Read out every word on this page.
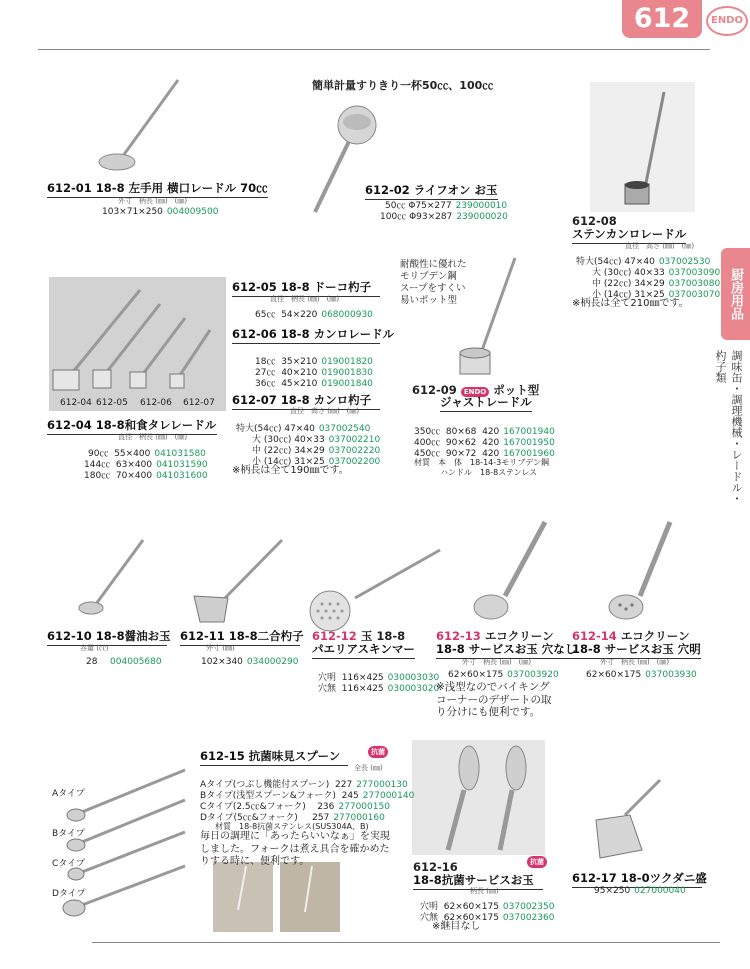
612	ENDO
厨房用品
調味缶・調理機械・レードル・杓子類
簡単計量すりきり一杯50㏄、100㏄
612-01 18-8 左手用 横口レードル 70㏄
外寸　柄長 (㎜)　(㎜)
103×71×250 004009500
612-02 ライフオン お玉
50㏄ Φ75×277 239000010
100㏄ Φ93×287 239000020	612-08
ステンカンロレードル
直径　高さ (㎜)　(㎜)
特大(54㏄) 47×40 037002530
大 (30㏄) 40×33 037003090
中 (22㏄) 34×29 037003080
小 (14㏄) 31×25 037003070
※柄長は全て210㎜です。
612-05 18-8 ドーコ杓子
直径　柄長 (㎜)　(㎜)
65㏄ 54×220 068000930
612-06 18-8 カンロレードル
18㏄ 35×210 019001820
27㏄ 40×210 019001830
36㏄ 45×210 019001840
612-07 18-8 カンロ杓子
直径　高さ (㎜)　(㎜)
特大(54㏄) 47×40 037002540
大 (30㏄) 40×33 037002210
中 (22㏄) 34×29 037002220
小 (14㏄) 31×25 037002200
※柄長は全て190㎜です。
612-04 612-05 612-06 612-07
612-04 18-8和食タレレードル
直径　柄長 (㎜)　(㎜)
90㏄ 55×400 041031580
144㏄ 63×400 041031590
180㏄ 70×400 041031600
耐酸性に優れた
モリブデン鋼
スープをすくい
易いポット型
612-09 ENDO ポット型
ジャストレードル
350㏄ 80×68 420 167001940
400㏄ 90×62 420 167001950
450㏄ 90×72 420 167001960
材質　本　体　18-14-3モリブデン鋼
ハンドル　18-8ステンレス
612-10 18-8醤油お玉
容量 (㏄)
28 004005680
612-11 18-8二合杓子
外寸 (㎜)
102×340 034000290
612-12 玉 18-8
パエリアスキンマー
穴明 116×425 030003030
穴無 116×425 030003020
612-13 エコクリーン
18-8 サービスお玉 穴なし
外寸　柄長 (㎜)　(㎜)
62×60×175 037003920
※浅型なのでバイキング
コーナーのデザートの取
り分けにも便利です。
612-14 エコクリーン
18-8 サービスお玉 穴明
外寸　柄長 (㎜)　(㎜)
62×60×175 037003930
612-15 抗菌味見スプーン	抗菌
全長 (㎜)
Aタイプ(つぶし機能付スプーン) 227 277000130
Bタイプ(浅型スプーン&フォーク) 245 277000140
Cタイプ(2.5㏄&フォーク) 236 277000150
Dタイプ(5㏄&フォーク) 257 277000160
材質　18-8抗菌ステンレス(SUS304A、B)
毎日の調理に「あったらいいなぁ」を実現
しました。フォークは煮え具合を確かめた
りする時に、便利です。
Aタイプ
Bタイプ
Cタイプ
Dタイプ
612-16	抗菌
18-8抗菌サービスお玉
柄長 (㎜)
穴明 62×60×175 037002350
穴無 62×60×175 037002360
※継目なし
612-17 18-0ツクダニ盛
95×250 027000040
